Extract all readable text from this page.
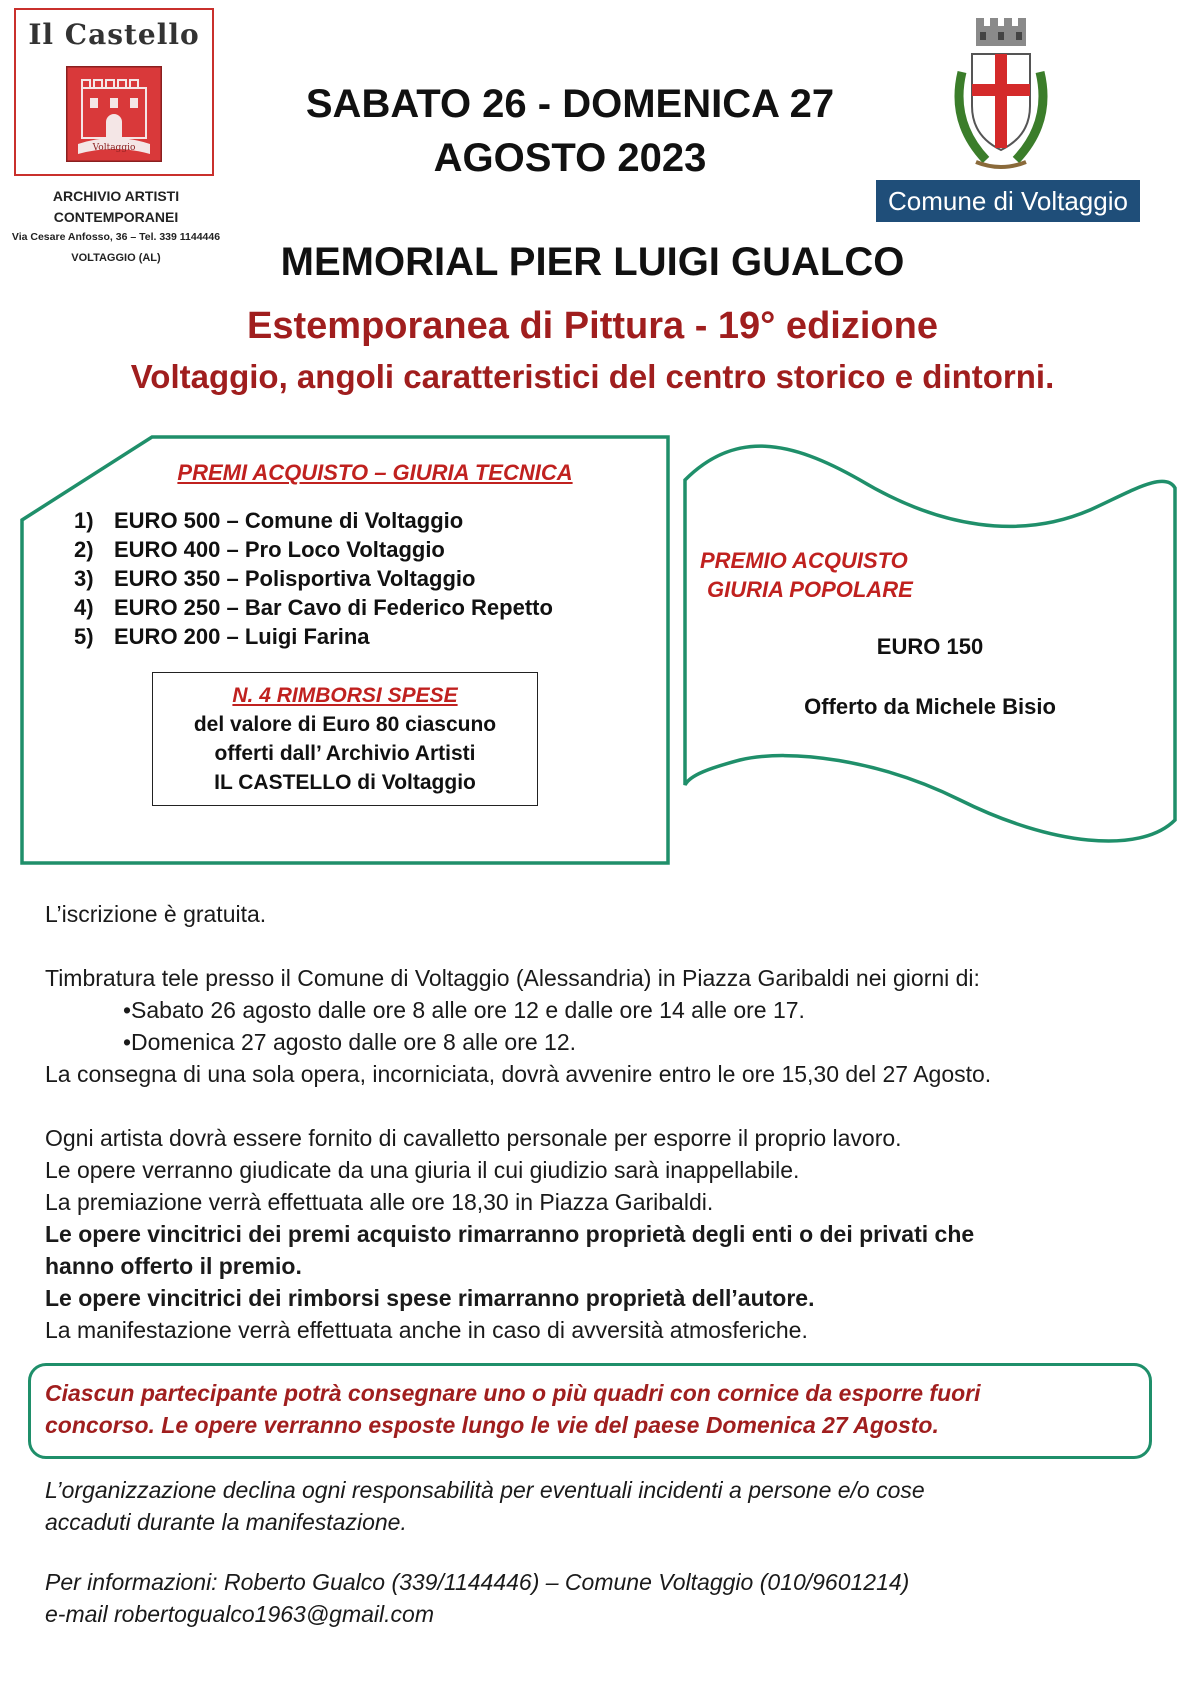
Il Castello
Voltaggio
ARCHIVIO ARTISTI
CONTEMPORANEI
Via Cesare Anfosso, 36 – Tel. 339 1144446
VOLTAGGIO (AL)
SABATO 26 - DOMENICA 27
AGOSTO 2023
Comune di Voltaggio
MEMORIAL PIER LUIGI GUALCO
Estemporanea di Pittura - 19° edizione
Voltaggio, angoli caratteristici del centro storico e dintorni.
PREMI ACQUISTO – GIURIA TECNICA
1) EURO 500 – Comune di Voltaggio
2) EURO 400 – Pro Loco Voltaggio
3) EURO 350 – Polisportiva Voltaggio
4) EURO 250 – Bar Cavo di Federico Repetto
5) EURO 200 – Luigi Farina
N. 4 RIMBORSI SPESE
del valore di Euro 80 ciascuno
offerti dall’ Archivio Artisti
IL CASTELLO di Voltaggio
PREMIO ACQUISTO
GIURIA POPOLARE
EURO 150
Offerto da Michele Bisio

L’iscrizione è gratuita.

Timbratura tele presso il Comune di Voltaggio (Alessandria) in Piazza Garibaldi nei giorni di:

•Sabato 26 agosto dalle ore 8 alle ore 12 e dalle ore 14 alle ore 17.

•Domenica 27 agosto dalle ore 8 alle ore 12.

La consegna di una sola opera, incorniciata, dovrà avvenire entro le ore 15,30 del 27 Agosto.

Ogni artista dovrà essere fornito di cavalletto personale per esporre il proprio lavoro.

Le opere verranno giudicate da una giuria il cui giudizio sarà inappellabile.

La premiazione verrà effettuata alle ore 18,30 in Piazza Garibaldi.

Le opere vincitrici dei premi acquisto rimarranno proprietà degli enti o dei privati che

hanno offerto il premio.

Le opere vincitrici dei rimborsi spese rimarranno proprietà dell’autore.

La manifestazione verrà effettuata anche in caso di avversità atmosferiche.

Ciascun partecipante potrà consegnare uno o più quadri con cornice da esporre fuori
concorso. Le opere verranno esposte lungo le vie del paese Domenica 27 Agosto.

L’organizzazione declina ogni responsabilità per eventuali incidenti a persone e/o cose

accaduti durante la manifestazione.

Per informazioni: Roberto Gualco (339/1144446) – Comune Voltaggio (010/9601214)

e-mail robertogualco1963@gmail.com
